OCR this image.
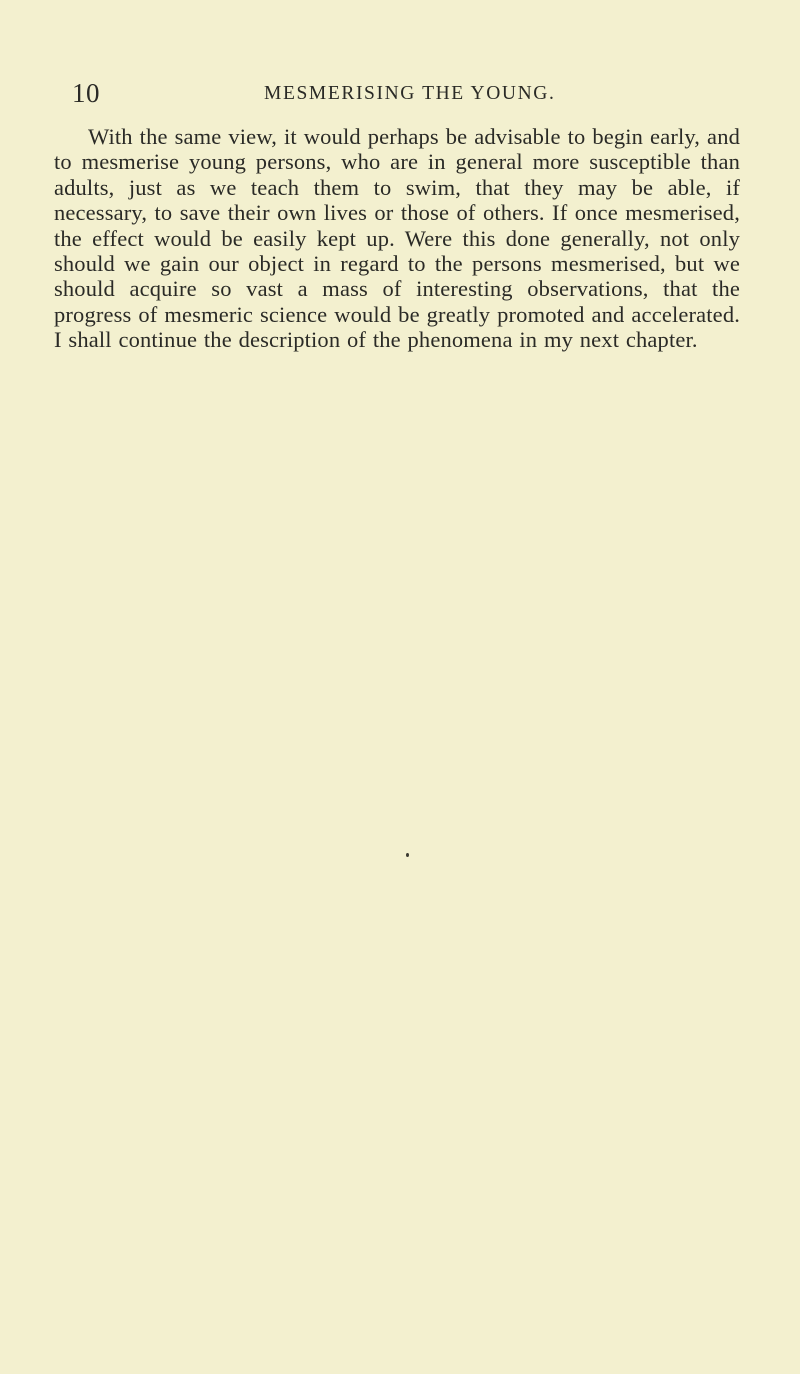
10	MESMERISING THE YOUNG.

With the same view, it would perhaps be advisable to begin early, and to mesmerise young persons, who are in general more susceptible than adults, just as we teach them to swim, that they may be able, if necessary, to save their own lives or those of others. If once mesmerised, the effect would be easily kept up. Were this done generally, not only should we gain our object in regard to the persons mesmerised, but we should acquire so vast a mass of interesting observations, that the progress of mesmeric science would be greatly promoted and accelerated. I shall continue the description of the phenomena in my next chapter.
